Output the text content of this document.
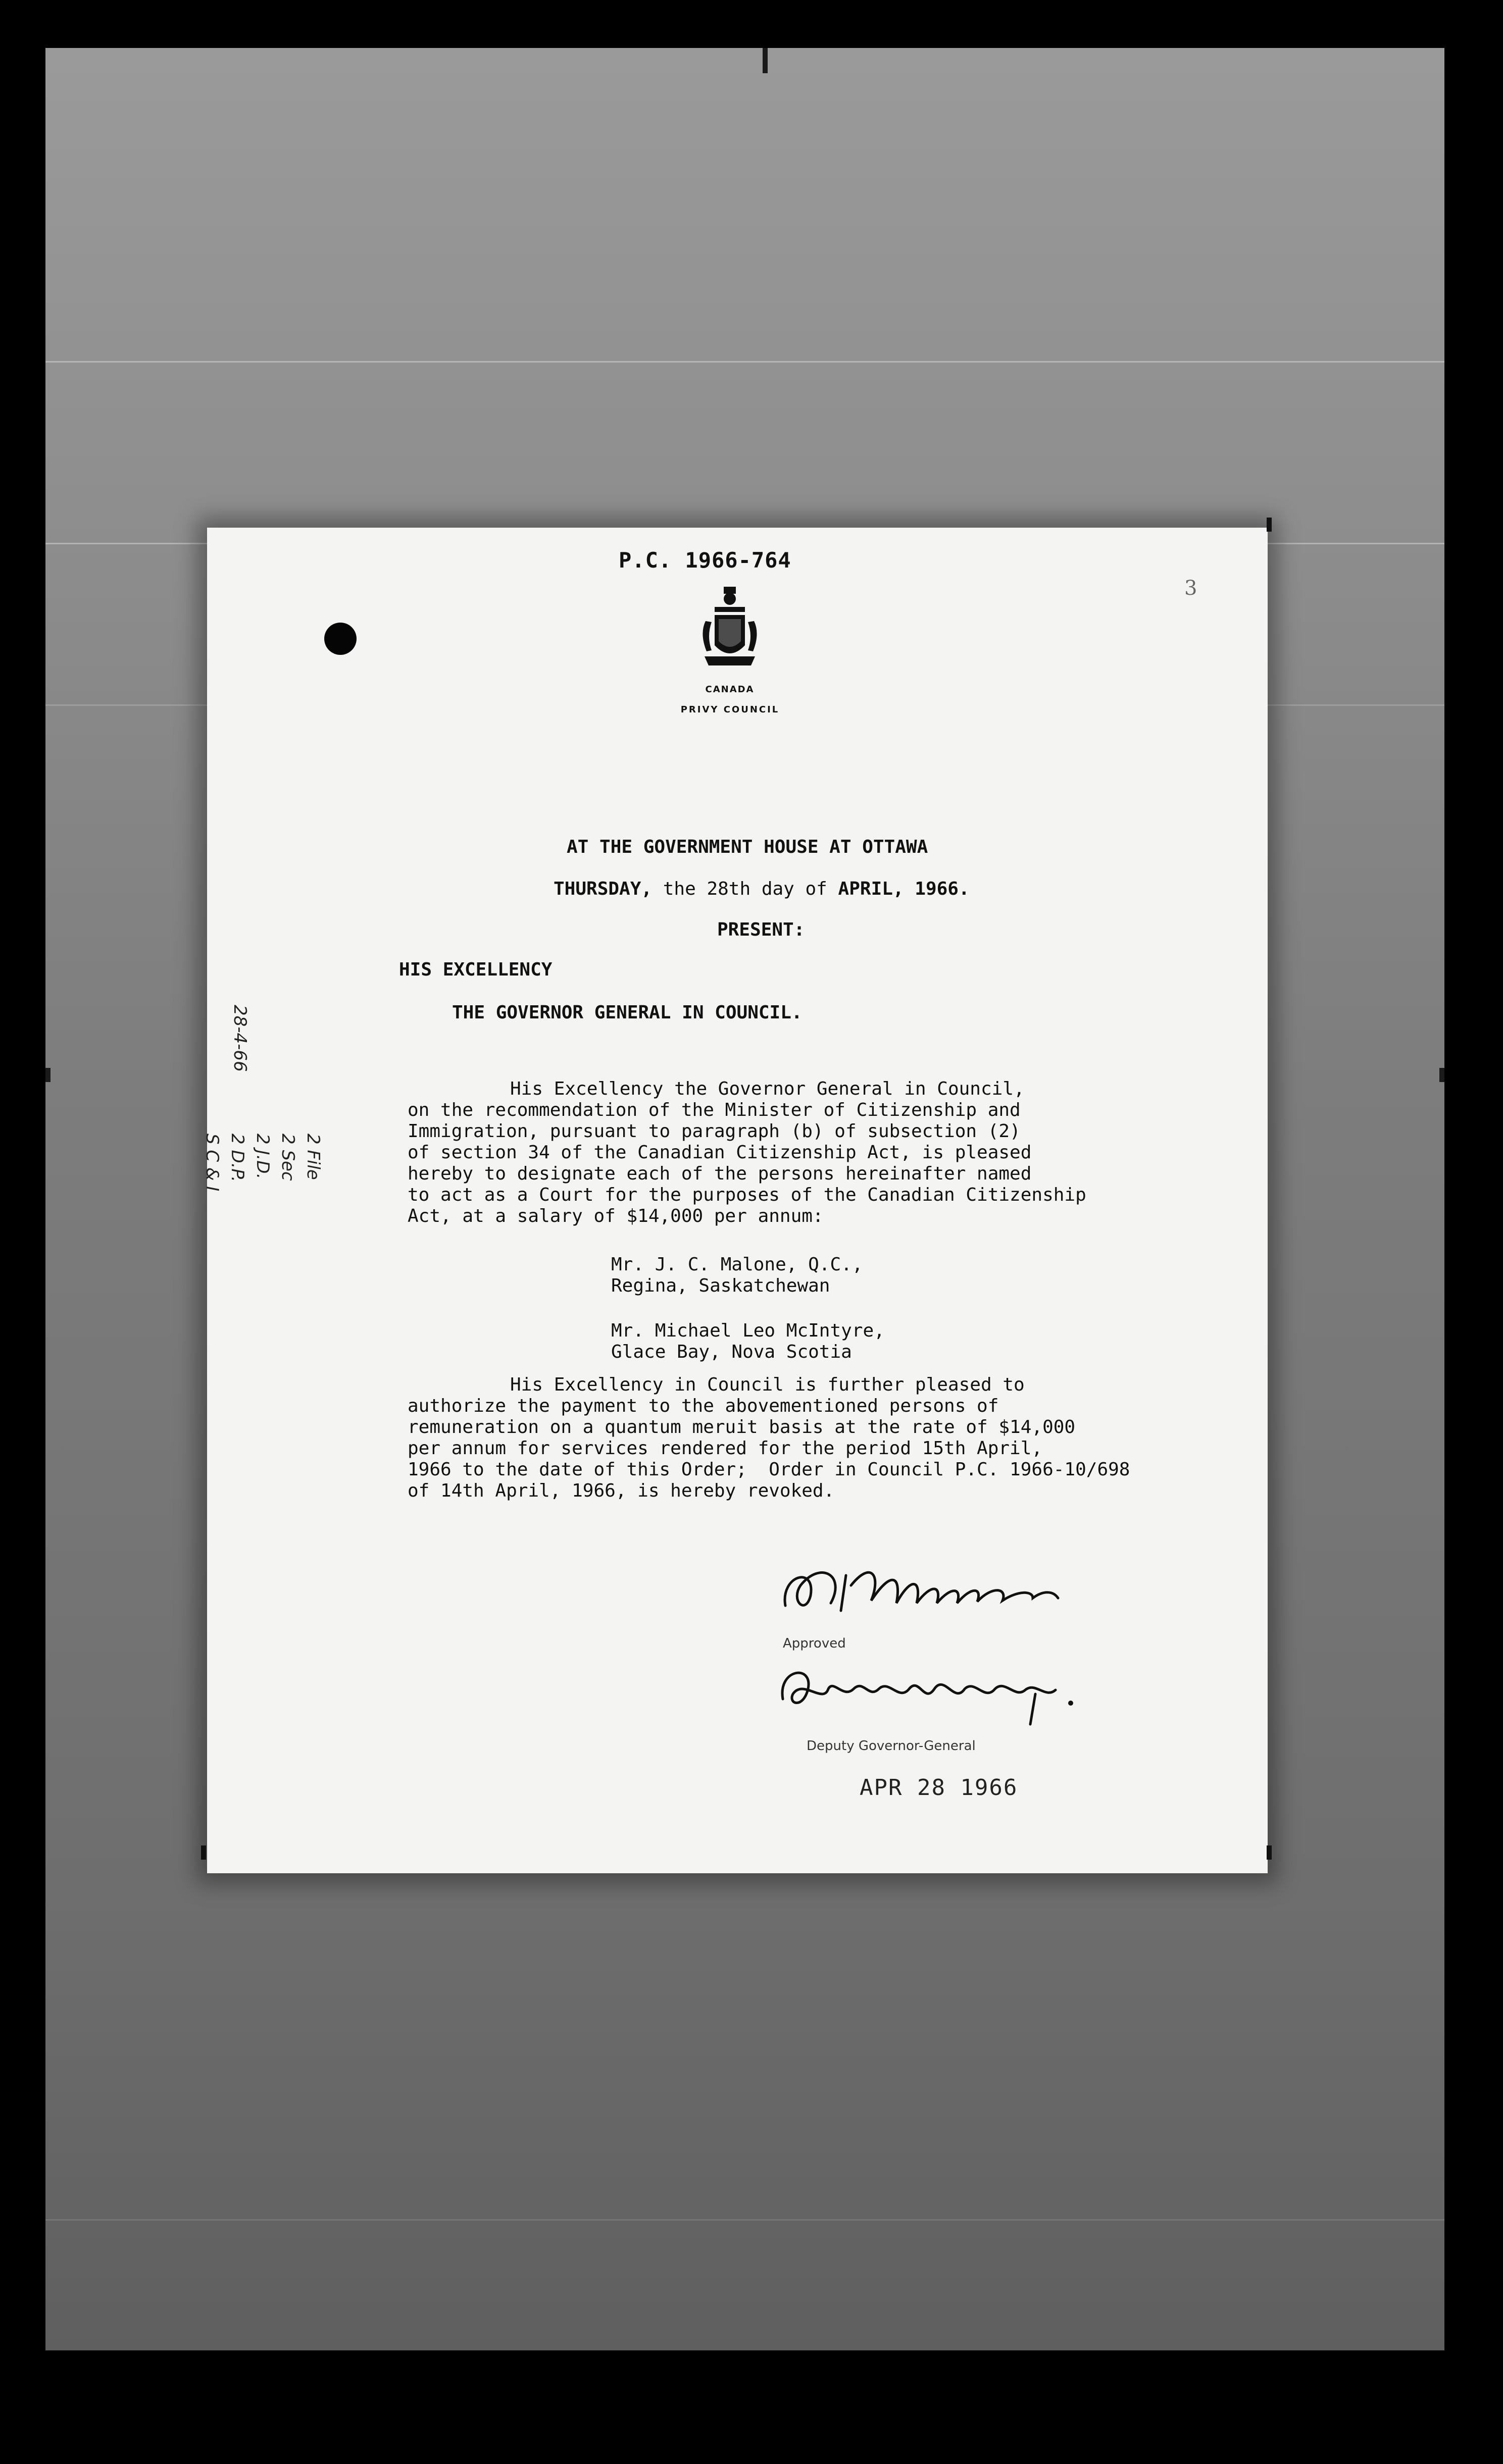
P.C. 1966-764
3
CANADA
PRIVY COUNCIL
AT THE GOVERNMENT HOUSE AT OTTAWA
THURSDAY, the 28th day of APRIL, 1966.
PRESENT:
HIS EXCELLENCY
THE GOVERNOR GENERAL IN COUNCIL.
His Excellency the Governor General in Council,
on the recommendation of the Minister of Citizenship and
Immigration, pursuant to paragraph (b) of subsection (2)
of section 34 of the Canadian Citizenship Act, is pleased
hereby to designate each of the persons hereinafter named
to act as a Court for the purposes of the Canadian Citizenship
Act, at a salary of $14,000 per annum:
Mr. J. C. Malone, Q.C.,
Regina, Saskatchewan
Mr. Michael Leo McIntyre,
Glace Bay, Nova Scotia
His Excellency in Council is further pleased to
authorize the payment to the abovementioned persons of
remuneration on a quantum meruit basis at the rate of $14,000
per annum for services rendered for the period 15th April,
1966 to the date of this Order;  Order in Council P.C. 1966-10/698
of 14th April, 1966, is hereby revoked.
Approved
Deputy Governor-General
APR 28 1966
28-4-66
S C & I 2 D.P. 2 J.D. 2 Sec 2 File
